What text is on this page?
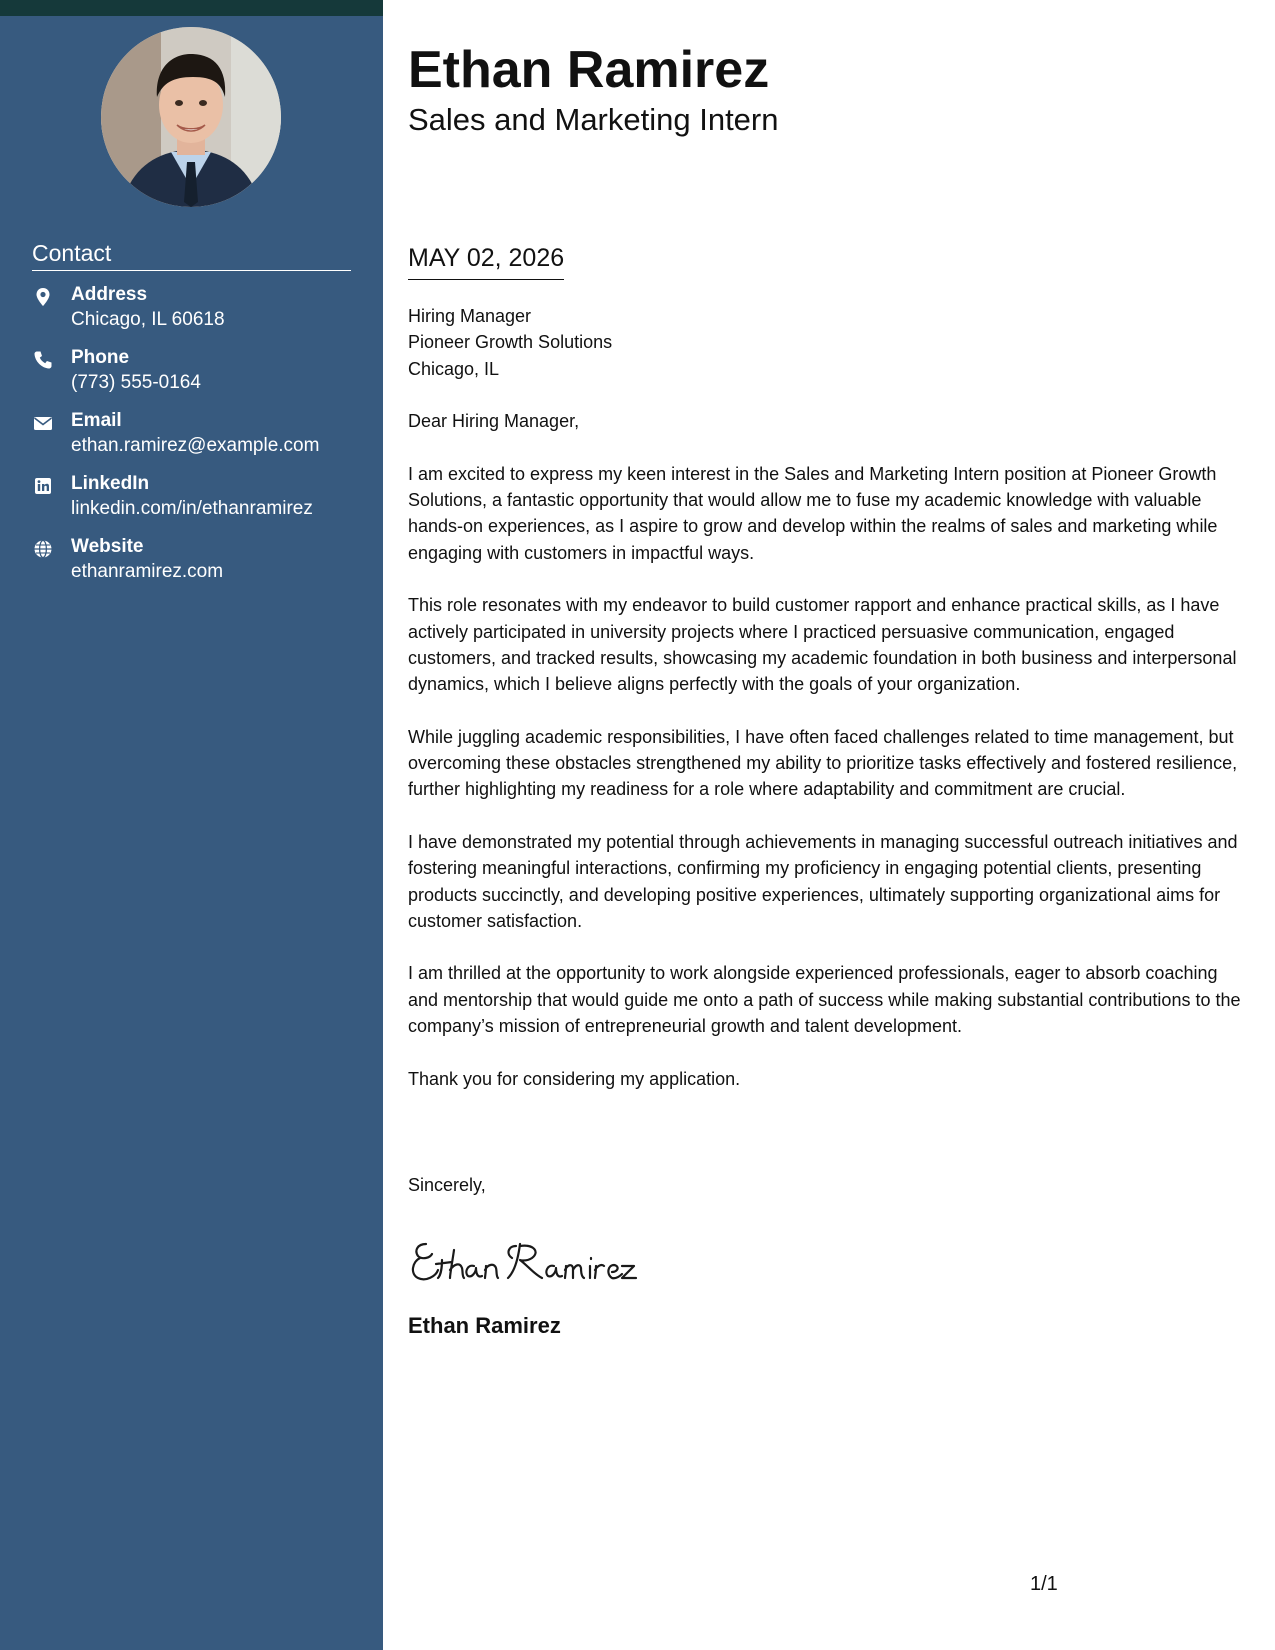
Contact
Address
Chicago, IL 60618
Phone
(773) 555-0164
Email
ethan.ramirez@example.com
LinkedIn
linkedin.com/in/ethanramirez
Website
ethanramirez.com
Ethan Ramirez
Sales and Marketing Intern
MAY 02, 2026

Hiring Manager

Pioneer Growth Solutions

Chicago, IL

Dear Hiring Manager,

I am excited to express my keen interest in the Sales and Marketing Intern position at Pioneer Growth Solutions, a fantastic opportunity that would allow me to fuse my academic knowledge with valuable hands-on experiences, as I aspire to grow and develop within the realms of sales and marketing while engaging with customers in impactful ways.

This role resonates with my endeavor to build customer rapport and enhance practical skills, as I have actively participated in university projects where I practiced persuasive communication, engaged customers, and tracked results, showcasing my academic foundation in both business and interpersonal dynamics, which I believe aligns perfectly with the goals of your organization.

While juggling academic responsibilities, I have often faced challenges related to time management, but overcoming these obstacles strengthened my ability to prioritize tasks effectively and fostered resilience, further highlighting my readiness for a role where adaptability and commitment are crucial.

I have demonstrated my potential through achievements in managing successful outreach initiatives and fostering meaningful interactions, confirming my proficiency in engaging potential clients, presenting products succinctly, and developing positive experiences, ultimately supporting organizational aims for customer satisfaction.

I am thrilled at the opportunity to work alongside experienced professionals, eager to absorb coaching and mentorship that would guide me onto a path of success while making substantial contributions to the company’s mission of entrepreneurial growth and talent development.

Thank you for considering my application.

Sincerely,
Ethan Ramirez
1/1
